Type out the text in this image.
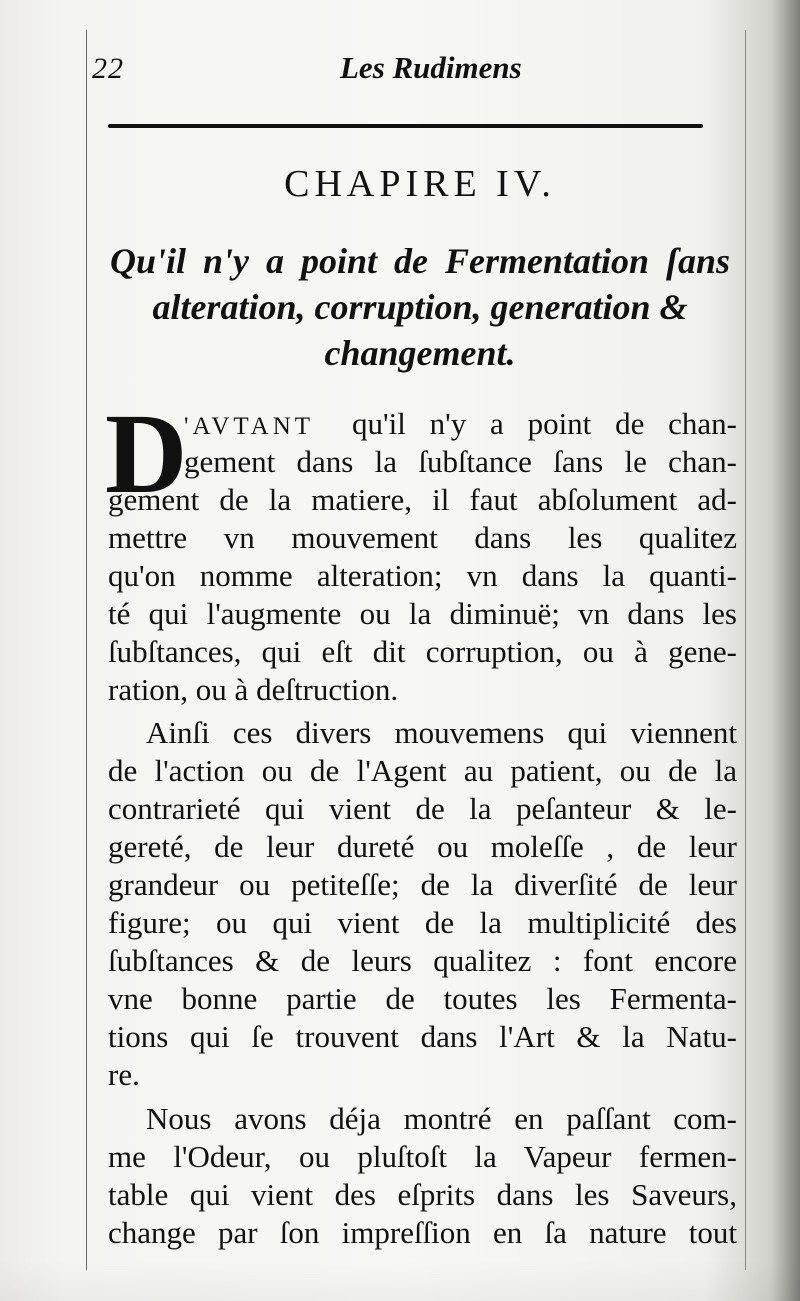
22	Les Rudimens
CHAPIRE IV.
Qu'il n'y a point de Fermentation ſans
alteration, corruption, generation &
changement.
D
'AVTANT qu'il n'y a point de chan-
gement dans la ſubſtance ſans le chan-
gement de la matiere, il faut abſolument ad-
mettre vn mouvement dans les qualitez
qu'on nomme alteration; vn dans la quanti-
té qui l'augmente ou la diminuë; vn dans les
ſubſtances, qui eſt dit corruption, ou à gene-
ration, ou à deſtruction.
Ainſi ces divers mouvemens qui viennent
de l'action ou de l'Agent au patient, ou de la
contrarieté qui vient de la peſanteur & le-
gereté, de leur dureté ou moleſſe , de leur
grandeur ou petiteſſe; de la diverſité de leur
figure; ou qui vient de la multiplicité des
ſubſtances & de leurs qualitez : font encore
vne bonne partie de toutes les Fermenta-
tions qui ſe trouvent dans l'Art & la Natu-
re.
Nous avons déja montré en paſſant com-
me l'Odeur, ou pluſtoſt la Vapeur fermen-
table qui vient des eſprits dans les Saveurs,
change par ſon impreſſion en ſa nature tout
